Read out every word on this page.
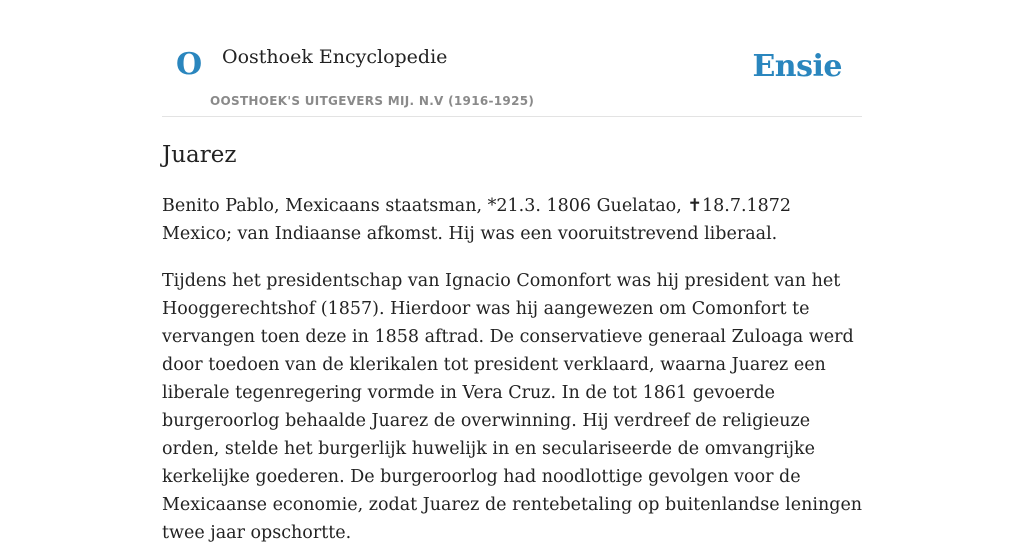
O Oosthoek Encyclopedie
OOSTHOEK'S UITGEVERS MIJ. N.V (1916-1925)
Ensie
Juarez

Benito Pablo, Mexicaans staatsman, *21.3. 1806 Guelatao, ✝18.7.1872 Mexico; van Indiaanse afkomst. Hij was een vooruitstrevend liberaal.

Tijdens het presidentschap van Ignacio Comonfort was hij president van het Hooggerechtshof (1857). Hierdoor was hij aangewezen om Comonfort te vervangen toen deze in 1858 aftrad. De conservatieve generaal Zuloaga werd door toedoen van de klerikalen tot president verklaard, waarna Juarez een liberale tegenregering vormde in Vera Cruz. In de tot 1861 gevoerde burgeroorlog behaalde Juarez de overwinning. Hij verdreef de religieuze orden, stelde het burgerlijk huwelijk in en seculariseerde de omvangrijke kerkelijke goederen. De burgeroorlog had noodlottige gevolgen voor de Mexicaanse economie, zodat Juarez de rentebetaling op buitenlandse leningen twee jaar opschortte.
